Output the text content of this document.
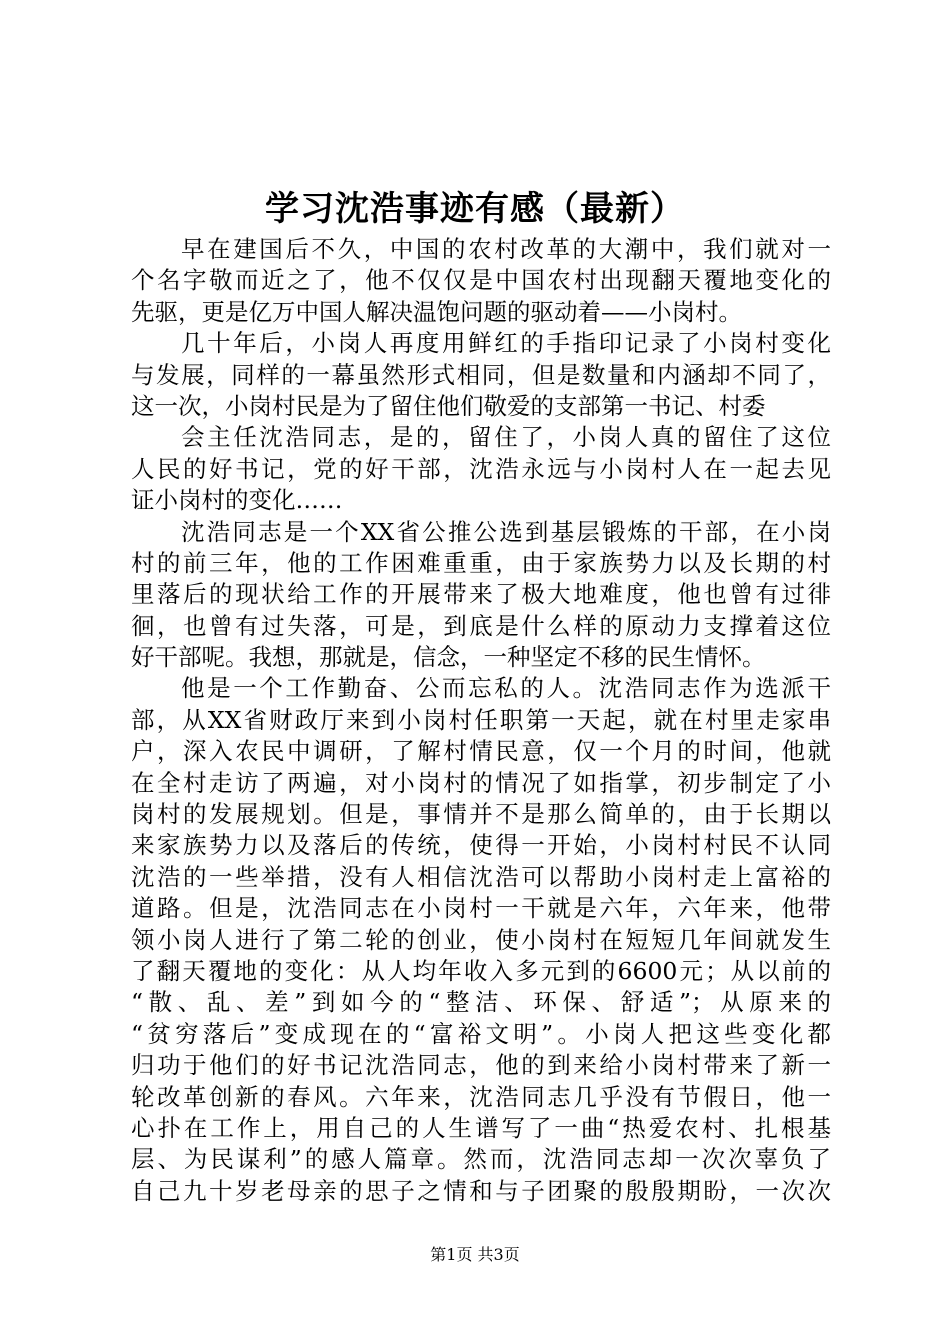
学习沈浩事迹有感（最新）
早在建国后不久，中国的农村改革的大潮中，我们就对一
个名字敬而近之了，他不仅仅是中国农村出现翻天覆地变化的
先驱，更是亿万中国人解决温饱问题的驱动着——小岗村。
几十年后，小岗人再度用鲜红的手指印记录了小岗村变化
与发展，同样的一幕虽然形式相同，但是数量和内涵却不同了，
这一次，小岗村民是为了留住他们敬爱的支部第一书记、村委
会主任沈浩同志，是的，留住了，小岗人真的留住了这位
人民的好书记，党的好干部，沈浩永远与小岗村人在一起去见
证小岗村的变化……
沈浩同志是一个XX省公推公选到基层锻炼的干部，在小岗
村的前三年，他的工作困难重重，由于家族势力以及长期的村
里落后的现状给工作的开展带来了极大地难度，他也曾有过徘
徊，也曾有过失落，可是，到底是什么样的原动力支撑着这位
好干部呢。我想，那就是，信念，一种坚定不移的民生情怀。
他是一个工作勤奋、公而忘私的人。沈浩同志作为选派干
部，从XX省财政厅来到小岗村任职第一天起，就在村里走家串
户，深入农民中调研，了解村情民意，仅一个月的时间，他就
在全村走访了两遍，对小岗村的情况了如指掌，初步制定了小
岗村的发展规划。但是，事情并不是那么简单的，由于长期以
来家族势力以及落后的传统，使得一开始，小岗村村民不认同
沈浩的一些举措，没有人相信沈浩可以帮助小岗村走上富裕的
道路。但是，沈浩同志在小岗村一干就是六年，六年来，他带
领小岗人进行了第二轮的创业，使小岗村在短短几年间就发生
了翻天覆地的变化：从人均年收入多元到的6600元；从以前的
“散、乱、差”到如今的“整洁、环保、舒适”；从原来的
“贫穷落后”变成现在的“富裕文明”。小岗人把这些变化都
归功于他们的好书记沈浩同志，他的到来给小岗村带来了新一
轮改革创新的春风。六年来，沈浩同志几乎没有节假日，他一
心扑在工作上，用自己的人生谱写了一曲“热爱农村、扎根基
层、为民谋利”的感人篇章。然而，沈浩同志却一次次辜负了
自己九十岁老母亲的思子之情和与子团聚的殷殷期盼，一次次
第1页 共3页
